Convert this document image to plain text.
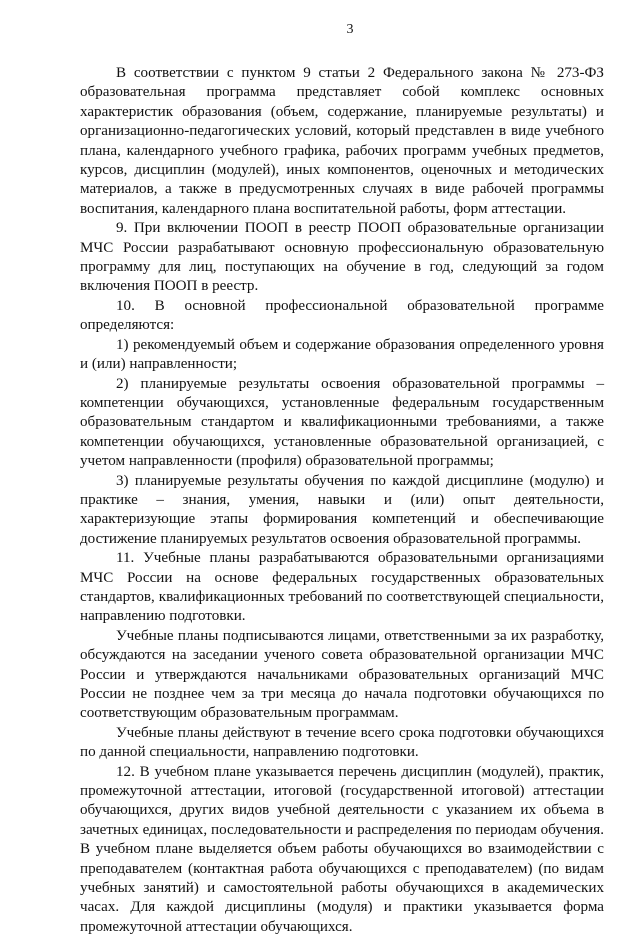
3

В соответствии с пунктом 9 статьи 2 Федерального закона № 273-ФЗ образовательная программа представляет собой комплекс основных характеристик образования (объем, содержание, планируемые результаты) и организационно-педагогических условий, который представлен в виде учебного плана, календарного учебного графика, рабочих программ учебных предметов, курсов, дисциплин (модулей), иных компонентов, оценочных и методических материалов, а также в предусмотренных случаях в виде рабочей программы воспитания, календарного плана воспитательной работы, форм аттестации.

9. При включении ПООП в реестр ПООП образовательные организации МЧС России разрабатывают основную профессиональную образовательную программу для лиц, поступающих на обучение в год, следующий за годом включения ПООП в реестр.

10. В основной профессиональной образовательной программе определяются:

1) рекомендуемый объем и содержание образования определенного уровня и (или) направленности;

2) планируемые результаты освоения образовательной программы – компетенции обучающихся, установленные федеральным государственным образовательным стандартом и квалификационными требованиями, а также компетенции обучающихся, установленные образовательной организацией, с учетом направленности (профиля) образовательной программы;

3) планируемые результаты обучения по каждой дисциплине (модулю) и практике – знания, умения, навыки и (или) опыт деятельности, характеризующие этапы формирования компетенций и обеспечивающие достижение планируемых результатов освоения образовательной программы.

11. Учебные планы разрабатываются образовательными организациями МЧС России на основе федеральных государственных образовательных стандартов, квалификационных требований по соответствующей специальности, направлению подготовки.

Учебные планы подписываются лицами, ответственными за их разработку, обсуждаются на заседании ученого совета образовательной организации МЧС России и утверждаются начальниками образовательных организаций МЧС России не позднее чем за три месяца до начала подготовки обучающихся по соответствующим образовательным программам.

Учебные планы действуют в течение всего срока подготовки обучающихся по данной специальности, направлению подготовки.

12. В учебном плане указывается перечень дисциплин (модулей), практик, промежуточной аттестации, итоговой (государственной итоговой) аттестации обучающихся, других видов учебной деятельности с указанием их объема в зачетных единицах, последовательности и распределения по периодам обучения. В учебном плане выделяется объем работы обучающихся во взаимодействии с преподавателем (контактная работа обучающихся с преподавателем) (по видам учебных занятий) и самостоятельной работы обучающихся в академических часах. Для каждой дисциплины (модуля) и практики указывается форма промежуточной аттестации обучающихся.
